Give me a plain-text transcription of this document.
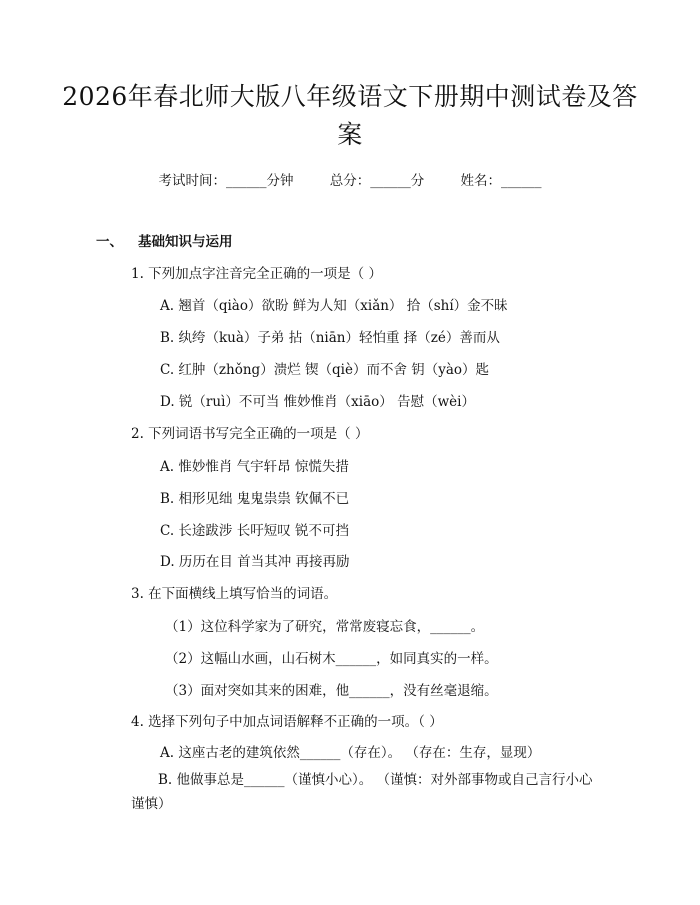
2026年春北师大版八年级语文下册期中测试卷及答案
考试时间：______分钟	总分：______分	姓名：______
一、 基础知识与运用
1. 下列加点字注音完全正确的一项是（ ）
A. 翘首（qiào）欲盼 鲜为人知（xiǎn） 拾（shí）金不昧
B. 纨绔（kuà）子弟 拈（niān）轻怕重 择（zé）善而从
C. 红肿（zhǒng）溃烂 锲（qiè）而不舍 钥（yào）匙
D. 锐（ruì）不可当 惟妙惟肖（xiāo） 告慰（wèi）
2. 下列词语书写完全正确的一项是（ ）
A. 惟妙惟肖 气宇轩昂 惊慌失措
B. 相形见绌 鬼鬼祟祟 钦佩不已
C. 长途跋涉 长吁短叹 锐不可挡
D. 历历在目 首当其冲 再接再励
3. 在下面横线上填写恰当的词语。
（1）这位科学家为了研究，常常废寝忘食，______。
（2）这幅山水画，山石树木______，如同真实的一样。
（3）面对突如其来的困难，他______，没有丝毫退缩。
4. 选择下列句子中加点词语解释不正确的一项。（ ）
A. 这座古老的建筑依然______（存在）。 （存在：生存，显现）
B. 他做事总是______（谨慎小心）。 （谨慎：对外部事物或自己言行小心谨慎）
